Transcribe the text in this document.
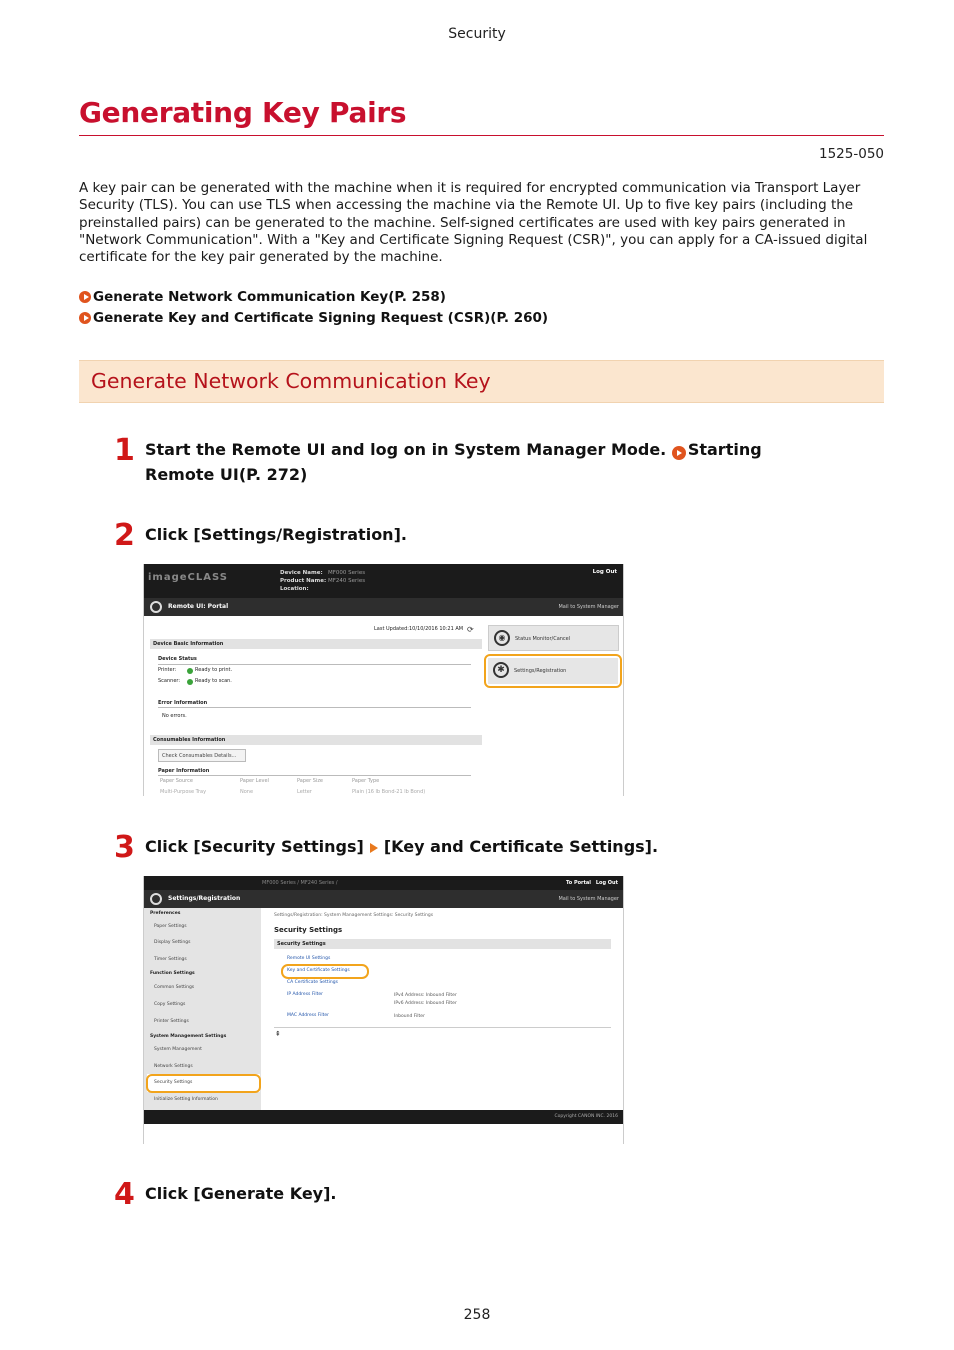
Security
Generating Key Pairs
1525-050
A key pair can be generated with the machine when it is required for encrypted communication via Transport Layer Security (TLS). You can use TLS when accessing the machine via the Remote UI. Up to five key pairs (including the preinstalled pairs) can be generated to the machine. Self-signed certificates are used with key pairs generated in "Network Communication". With a "Key and Certificate Signing Request (CSR)", you can apply for a CA-issued digital certificate for the key pair generated by the machine.
Generate Network Communication Key(P. 258)
Generate Key and Certificate Signing Request (CSR)(P. 260)
Generate Network Communication Key
1 Start the Remote UI and log on in System Manager Mode. Starting Remote UI(P. 272)
2 Click [Settings/Registration].
imageCLASS	Device Name: MF000 Series
Product Name: MF240 Series
Location:
Log Out
Remote UI: Portal	Mail to System Manager
Last Updated:10/10/2016 10:21 AM ⟳
Device Basic Information
Device Status
Printer:	Ready to print.
Scanner:	Ready to scan.
Error Information
No errors.
Consumables Information
Check Consumables Details...
Paper Information
Paper Source	Paper Level	Paper Size	Paper Type
Multi-Purpose Tray	None	Letter	Plain (16 lb Bond-21 lb Bond)
◉	Status Monitor/Cancel
✱	Settings/Registration
3 Click [Security Settings] [Key and Certificate Settings].
MF000 Series / MF240 Series /	To Portal Log Out
Settings/Registration	Mail to System Manager
Preferences
Paper Settings
Display Settings
Timer Settings
Function Settings
Common Settings
Copy Settings
Printer Settings
System Management Settings
System Management
Network Settings
Security Settings
Initialize Setting Information
Settings/Registration: System Management Settings: Security Settings
Security Settings
Security Settings
Remote UI Settings
Key and Certificate Settings
CA Certificate Settings
IP Address Filter	IPv4 Address: Inbound Filter
IPv6 Address: Inbound Filter
MAC Address Filter	Inbound Filter
⇞
Copyright CANON INC. 2016
4 Click [Generate Key].
258
